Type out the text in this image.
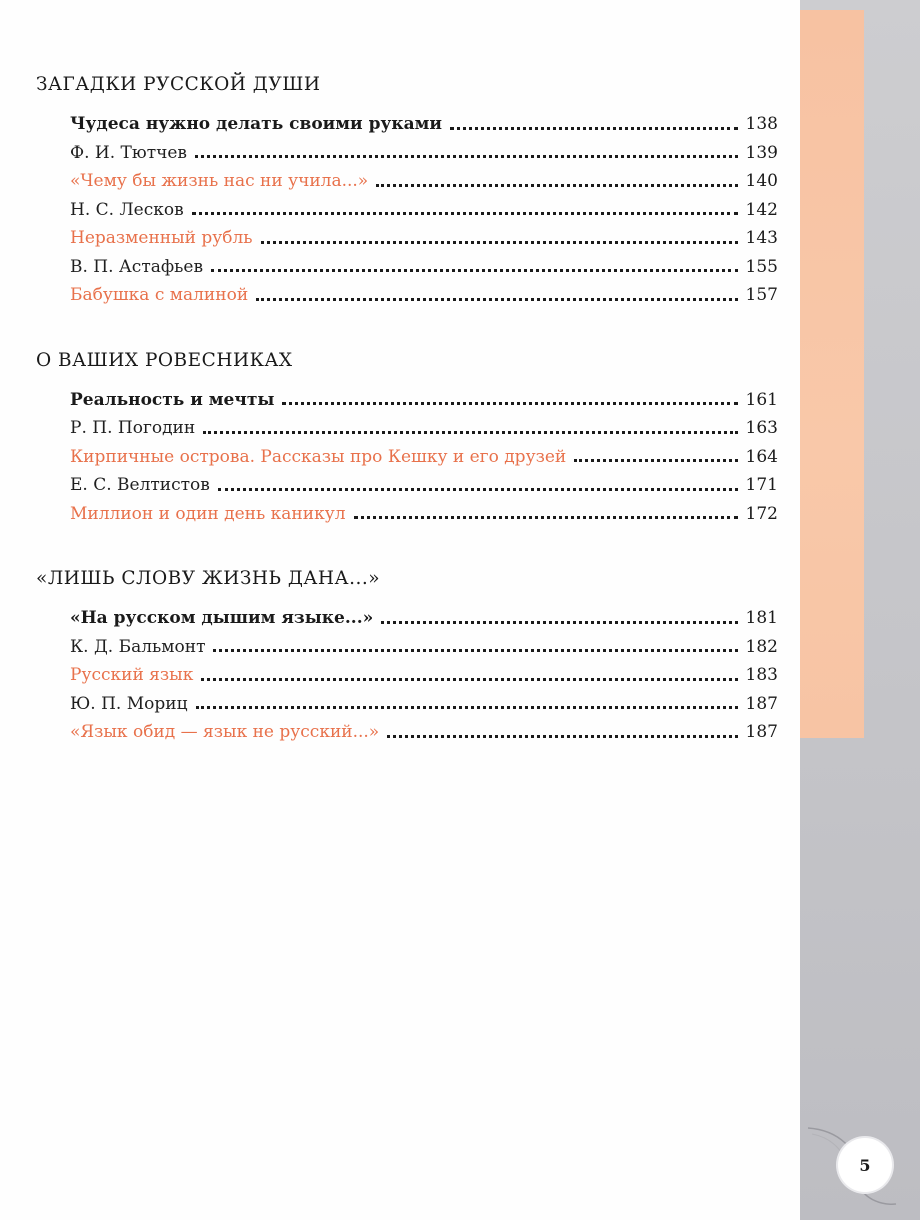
ЗАГАДКИ РУССКОЙ ДУШИ
Чудеса нужно делать своими руками	138
Ф. И. Тютчев	139
«Чему бы жизнь нас ни учила...»	140
Н. С. Лесков	142
Неразменный рубль	143
В. П. Астафьев	155
Бабушка с малиной	157
О ВАШИХ РОВЕСНИКАХ
Реальность и мечты	161
Р. П. Погодин	163
Кирпичные острова. Рассказы про Кешку и его друзей	164
Е. С. Велтистов	171
Миллион и один день каникул	172
«ЛИШЬ СЛОВУ ЖИЗНЬ ДАНА...»
«На русском дышим языке...»	181
К. Д. Бальмонт	182
Русский язык	183
Ю. П. Мориц	187
«Язык обид — язык не русский...»	187
5
